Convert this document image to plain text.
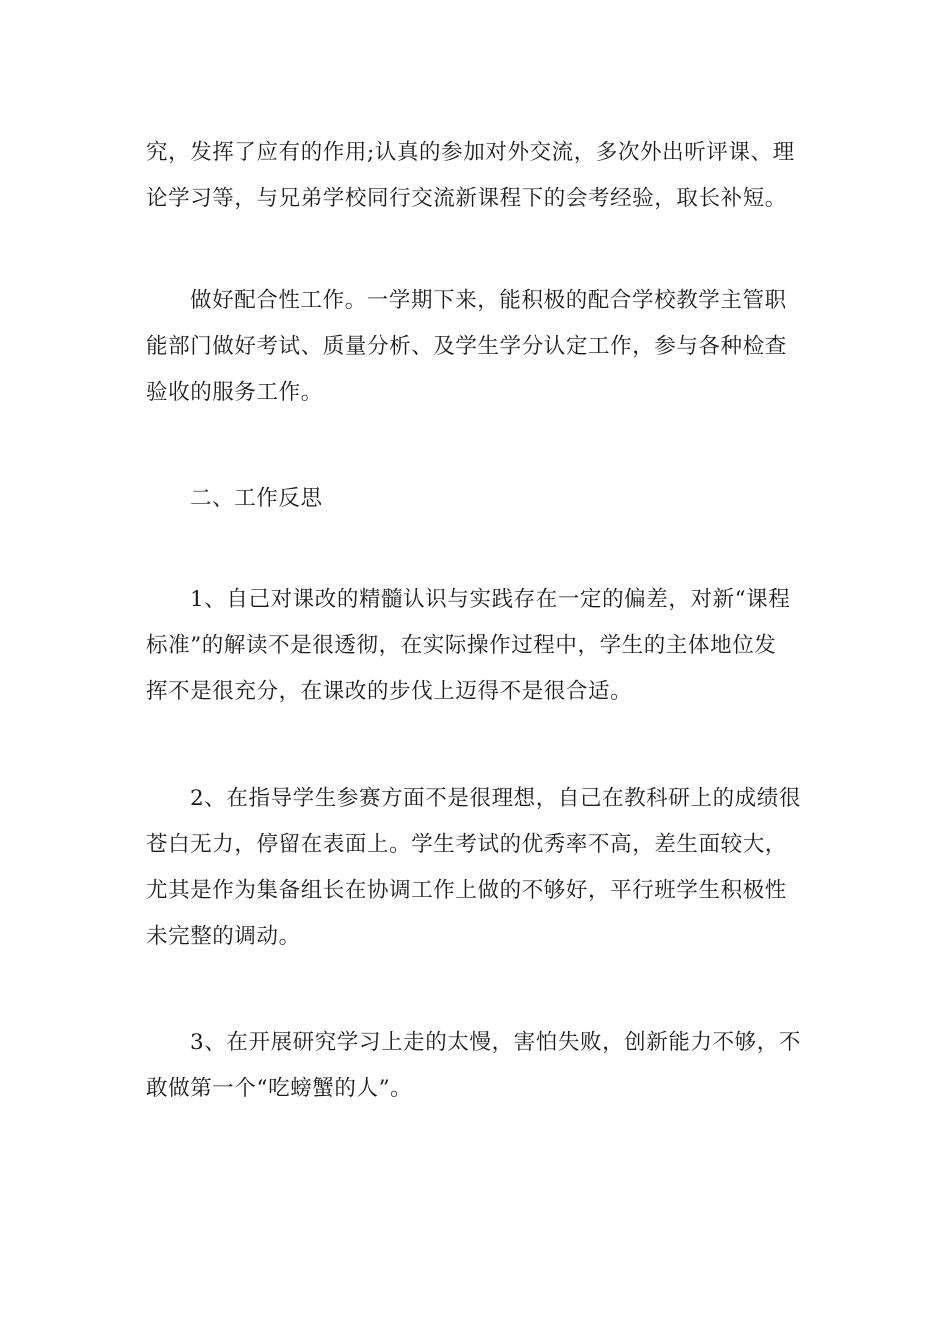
究，发挥了应有的作用;认真的参加对外交流，多次外出听评课、理
论学习等，与兄弟学校同行交流新课程下的会考经验，取长补短。

做好配合性工作。一学期下来，能积极的配合学校教学主管职
能部门做好考试、质量分析、及学生学分认定工作，参与各种检查
验收的服务工作。

二、工作反思

1、自己对课改的精髓认识与实践存在一定的偏差，对新“课程
标准”的解读不是很透彻，在实际操作过程中，学生的主体地位发
挥不是很充分，在课改的步伐上迈得不是很合适。

2、在指导学生参赛方面不是很理想，自己在教科研上的成绩很
苍白无力，停留在表面上。学生考试的优秀率不高，差生面较大，
尤其是作为集备组长在协调工作上做的不够好，平行班学生积极性
未完整的调动。

3、在开展研究学习上走的太慢，害怕失败，创新能力不够，不
敢做第一个“吃螃蟹的人”。
